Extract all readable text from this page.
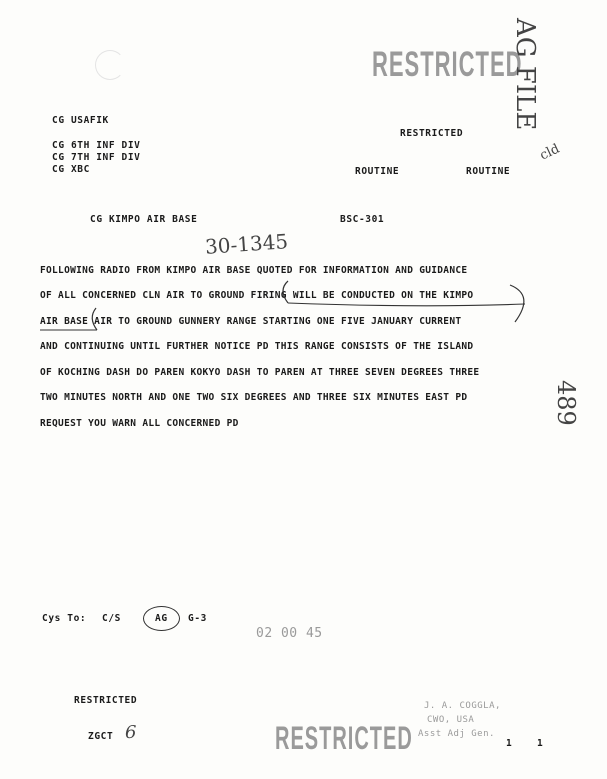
RESTRICTED
AG FILE
cld
CG USAFIK
CG 6TH INF DIV
CG 7TH INF DIV
CG XBC
RESTRICTED
ROUTINE	ROUTINE
CG KIMPO AIR BASE	BSC-301
30-1345
FOLLOWING RADIO FROM KIMPO AIR BASE QUOTED FOR INFORMATION AND GUIDANCE
OF ALL CONCERNED CLN AIR TO GROUND FIRING WILL BE CONDUCTED ON THE KIMPO
AIR BASE AIR TO GROUND GUNNERY RANGE STARTING ONE FIVE JANUARY CURRENT
AND CONTINUING UNTIL FURTHER NOTICE PD THIS RANGE CONSISTS OF THE ISLAND
OF KOCHING DASH DO PAREN KOKYO DASH TO PAREN AT THREE SEVEN DEGREES THREE
TWO MINUTES NORTH AND ONE TWO SIX DEGREES AND THREE SIX MINUTES EAST PD
REQUEST YOU WARN ALL CONCERNED PD	489
Cys To: C/S	AG	G-3
02 00 45
RESTRICTED
ZGCT 6	RESTRICTED
J. A. COGGLA,
CWO, USA
Asst Adj Gen.
1	1
